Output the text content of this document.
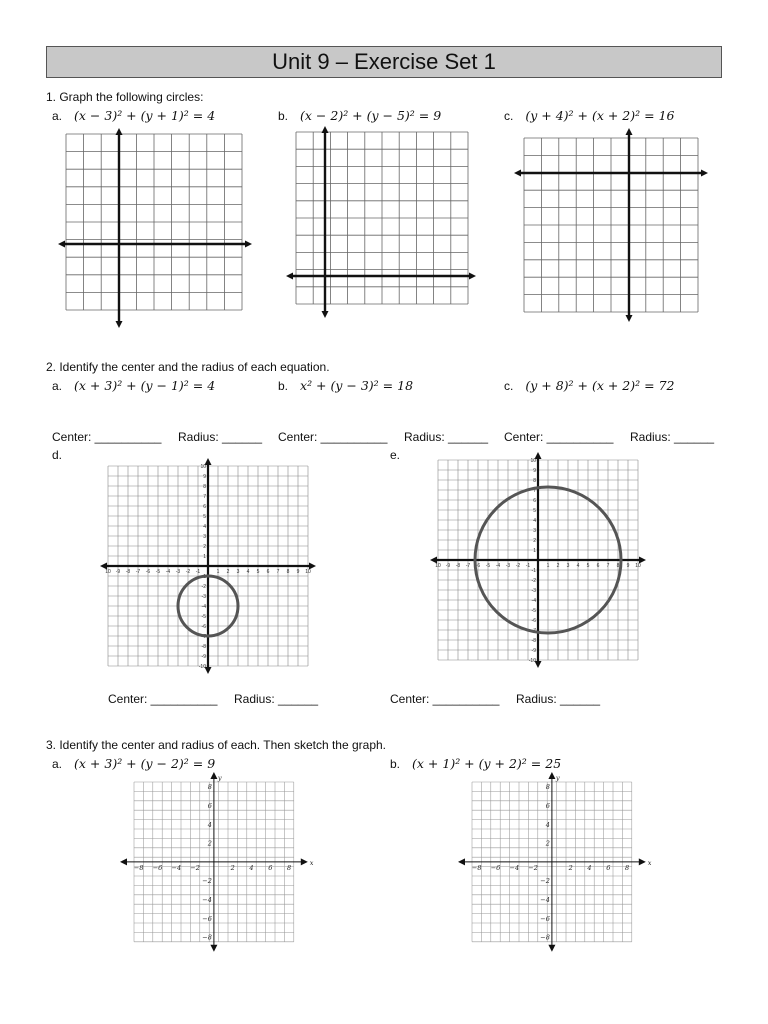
Unit 9 – Exercise Set 1
1. Graph the following circles:
a. (x − 3)² + (y + 1)² = 4	b. (x − 2)² + (y − 5)² = 9	c. (y + 4)² + (x + 2)² = 16
2. Identify the center and the radius of each equation.
a. (x + 3)² + (y − 1)² = 4	b. x² + (y − 3)² = 18	c. (y + 8)² + (x + 2)² = 72
Center: __________ Radius: ______ Center: __________ Radius: ______ Center: __________ Radius: ______
d.	e.
10
9
8
7
6
5
4
3
2
1
-1
-2
-3
-4
-5
-6
-7
-8
-9
-10
10 -9 -8 -7 -6 -5 -4 -3 -2 -1	1 2 3 4 5 6 7 8 9 10
10
9
8
7
6
5
4
3
2
1
-1
-2
-3
-4
-5
-6
-7
-8
-9
-10
10 -9 -8 -7 -6 -5 -4 -3 -2 -1	1 2 3 4 5 6 7 8 9 10
Center: __________ Radius: ______	Center: __________ Radius: ______
3. Identify the center and radius of each. Then sketch the graph.
a. (x + 3)² + (y − 2)² = 9	b. (x + 1)² + (y + 2)² = 25
−8 −6 −4 −2	2 4 6 8
8
6
4
2
−2
−4
−6
−8
x
y
−8 −6 −4 −2	2 4 6 8
8
6
4
2
−2
−4
−6
−8
x
y
